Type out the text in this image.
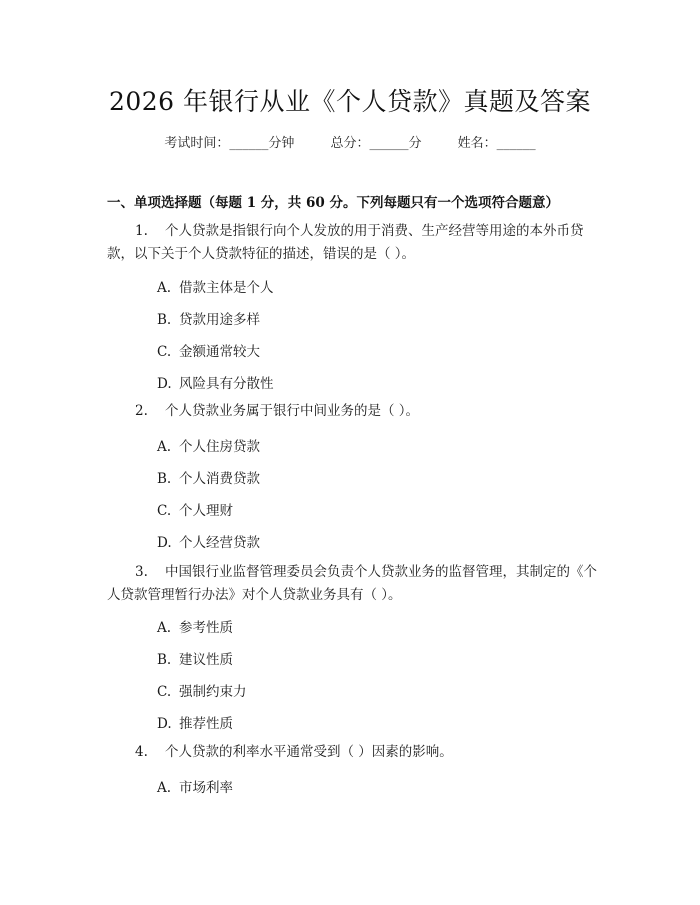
2026 年银行从业《个人贷款》真题及答案
考试时间：______分钟	总分：______分	姓名：______
一、单项选择题（每题 1 分，共 60 分。下列每题只有一个选项符合题意）
1. 个人贷款是指银行向个人发放的用于消费、生产经营等用途的本外币贷款，以下关于个人贷款特征的描述，错误的是（ ）。
A. 借款主体是个人
B. 贷款用途多样
C. 金额通常较大
D. 风险具有分散性
2. 个人贷款业务属于银行中间业务的是（ ）。
A. 个人住房贷款
B. 个人消费贷款
C. 个人理财
D. 个人经营贷款
3. 中国银行业监督管理委员会负责个人贷款业务的监督管理，其制定的《个人贷款管理暂行办法》对个人贷款业务具有（ ）。
A. 参考性质
B. 建议性质
C. 强制约束力
D. 推荐性质
4. 个人贷款的利率水平通常受到（ ）因素的影响。
A. 市场利率
